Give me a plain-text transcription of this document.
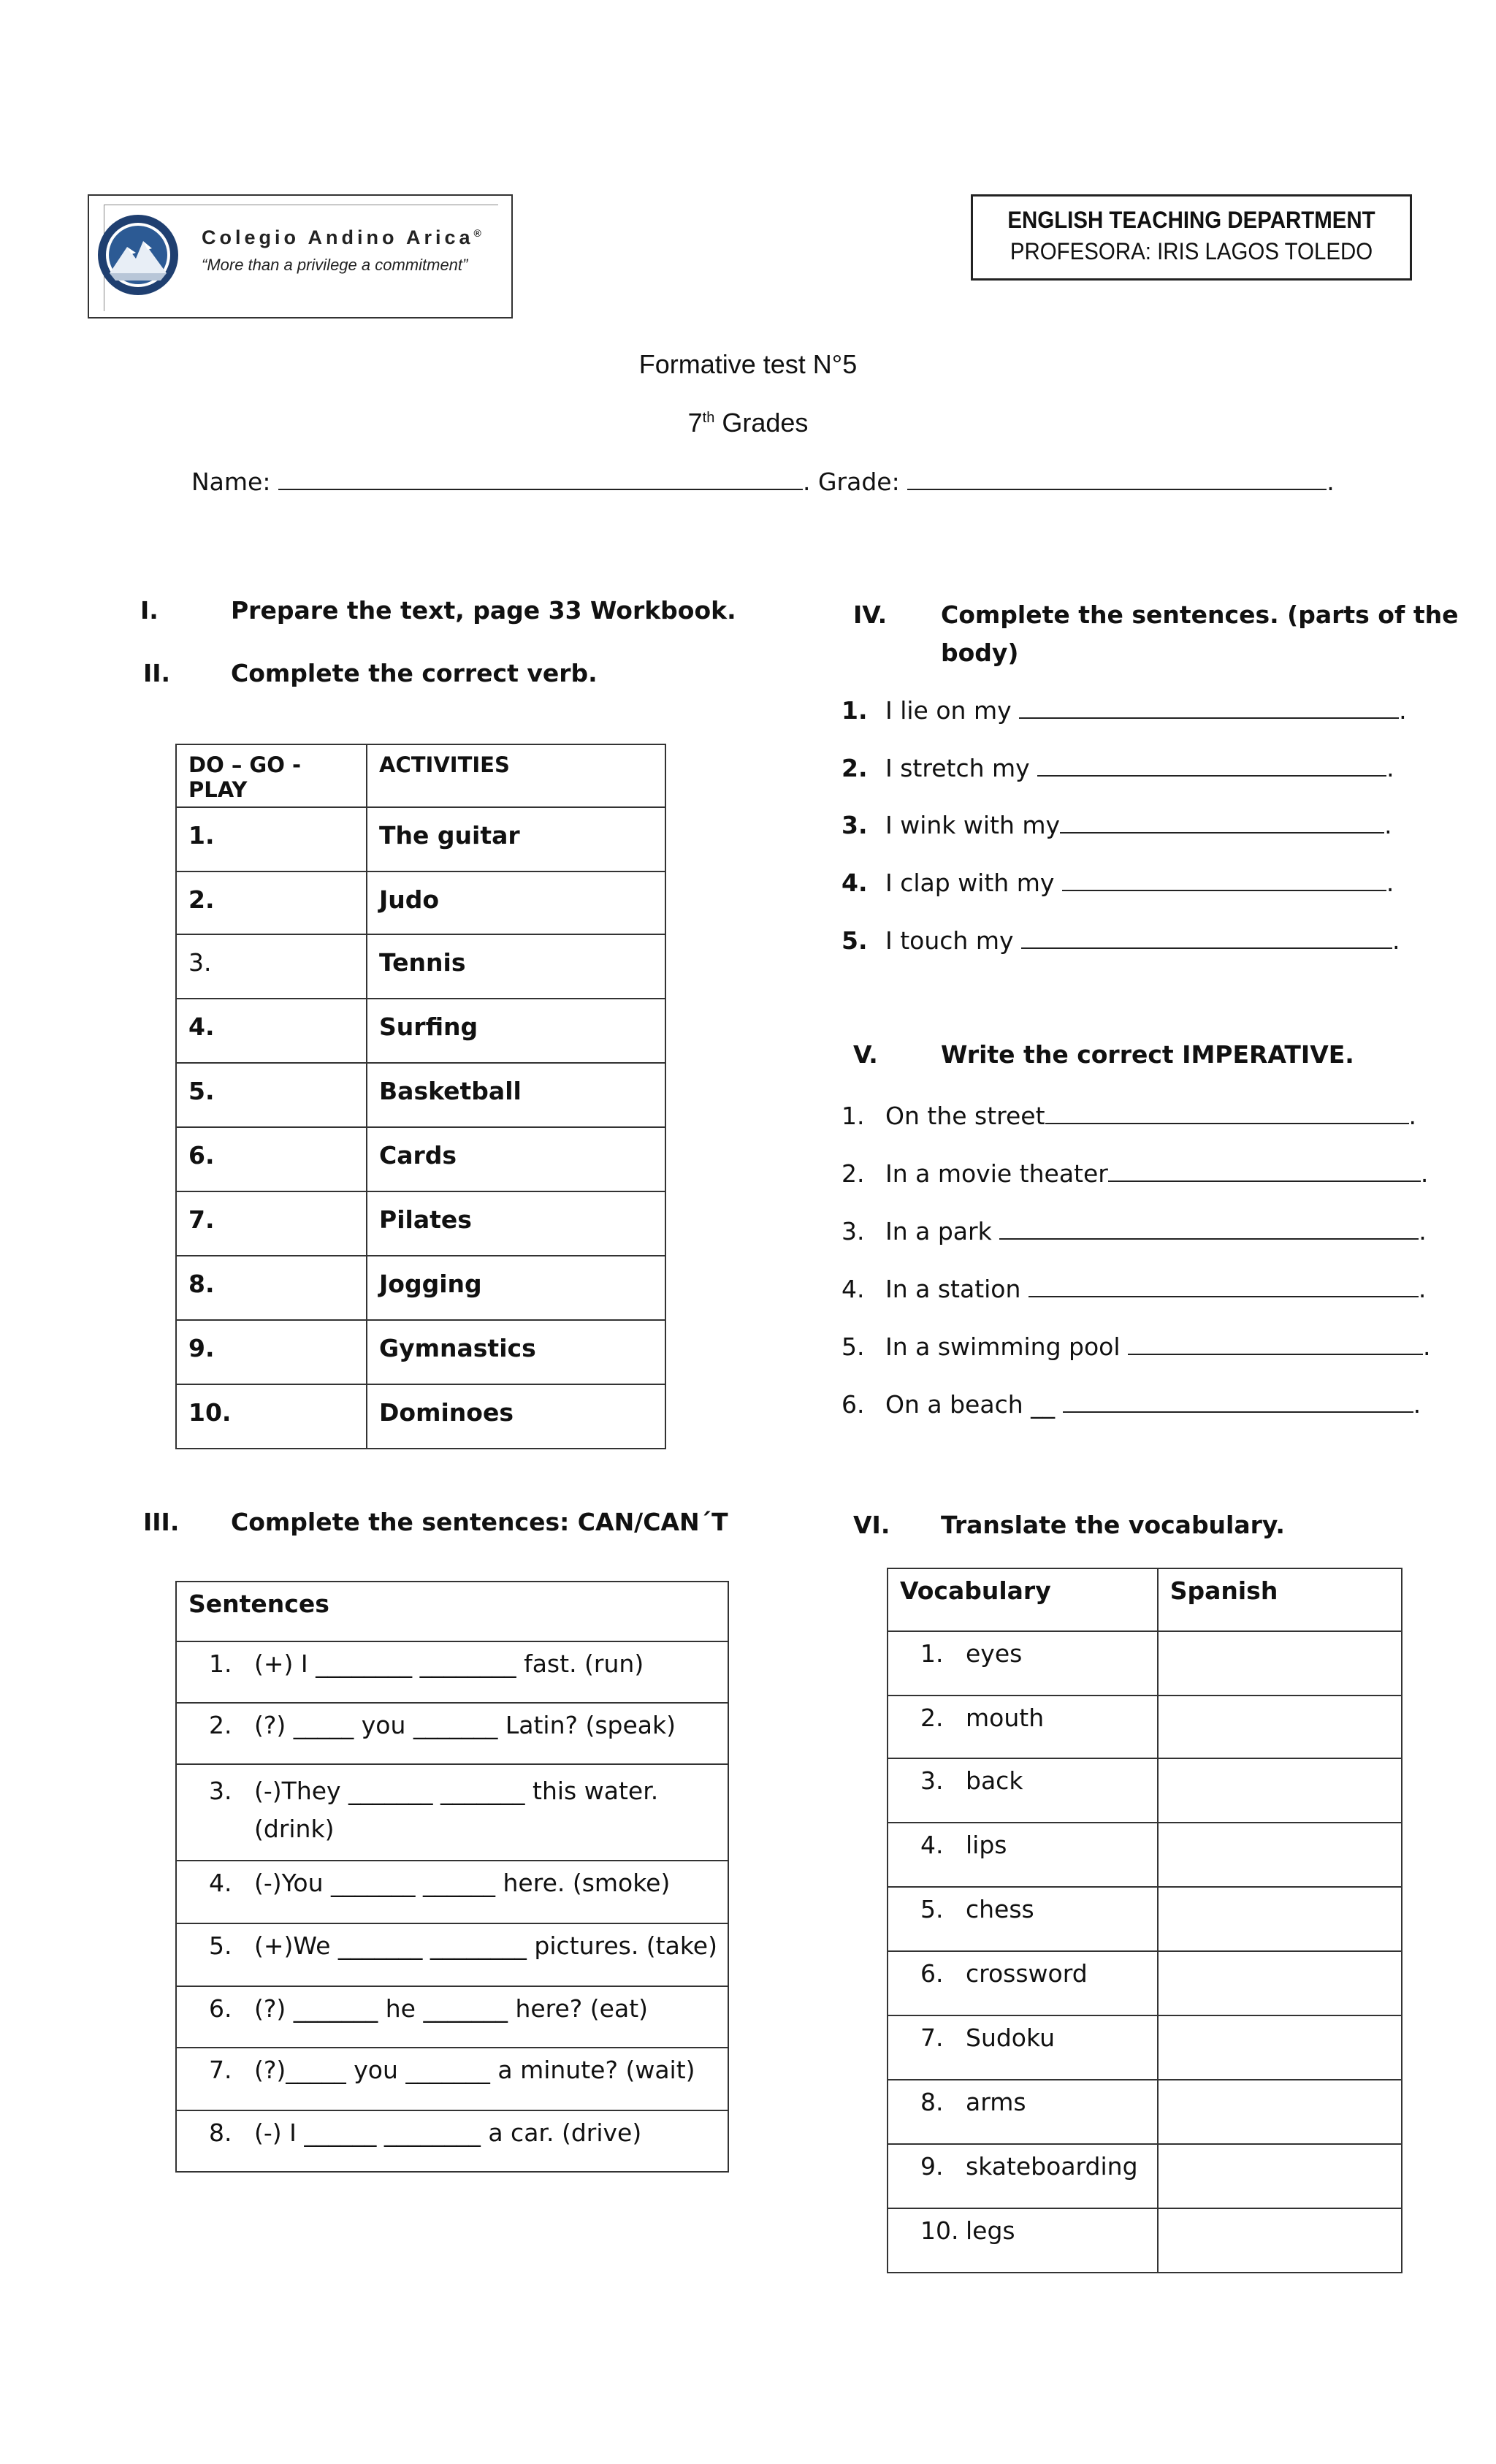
Colegio Andino Arica®
“More than a privilege a commitment”
ENGLISH TEACHING DEPARTMENT
PROFESORA: IRIS LAGOS TOLEDO
Formative test N°5
7th Grades
Name:	. Grade:	.
I.	Prepare the text, page 33 Workbook.
II.	Complete the correct verb.
DO – GO - PLAY	ACTIVITIES

1.	The guitar

2.	Judo

3.	Tennis

4.	Surfing

5.	Basketball

6.	Cards

7.	Pilates

8.	Jogging

9.	Gymnastics

10.	Dominoes
III. Complete the sentences: CAN/CAN´T
Sentences

1. (+) I ________ ________ fast. (run)

2. (?) _____ you _______ Latin? (speak)

3. (-)They _______ _______ this water.
(drink)

4. (-)You _______ ______ here. (smoke)

5. (+)We _______ ________ pictures. (take)

6. (?) _______ he _______ here? (eat)

7. (?)_____ you _______ a minute? (wait)

8. (-) I ______ ________ a car. (drive)
IV. Complete the sentences. (parts of the
body)
1. I lie on my	.
2. I stretch my	.
3. I wink with my	.
4. I clap with my	.
5. I touch my	.
V.	Write the correct IMPERATIVE.
1. On the street	.
2. In a movie theater	.
3. In a park	.
4. In a station	.
5. In a swimming pool	.
6. On a beach __	.
VI. Translate the vocabulary.
Vocabulary	Spanish

1. eyes	

2. mouth	

3. back	

4. lips	

5. chess	

6. crossword	

7. Sudoku	

8. arms	

9. skateboarding	

10. legs	
